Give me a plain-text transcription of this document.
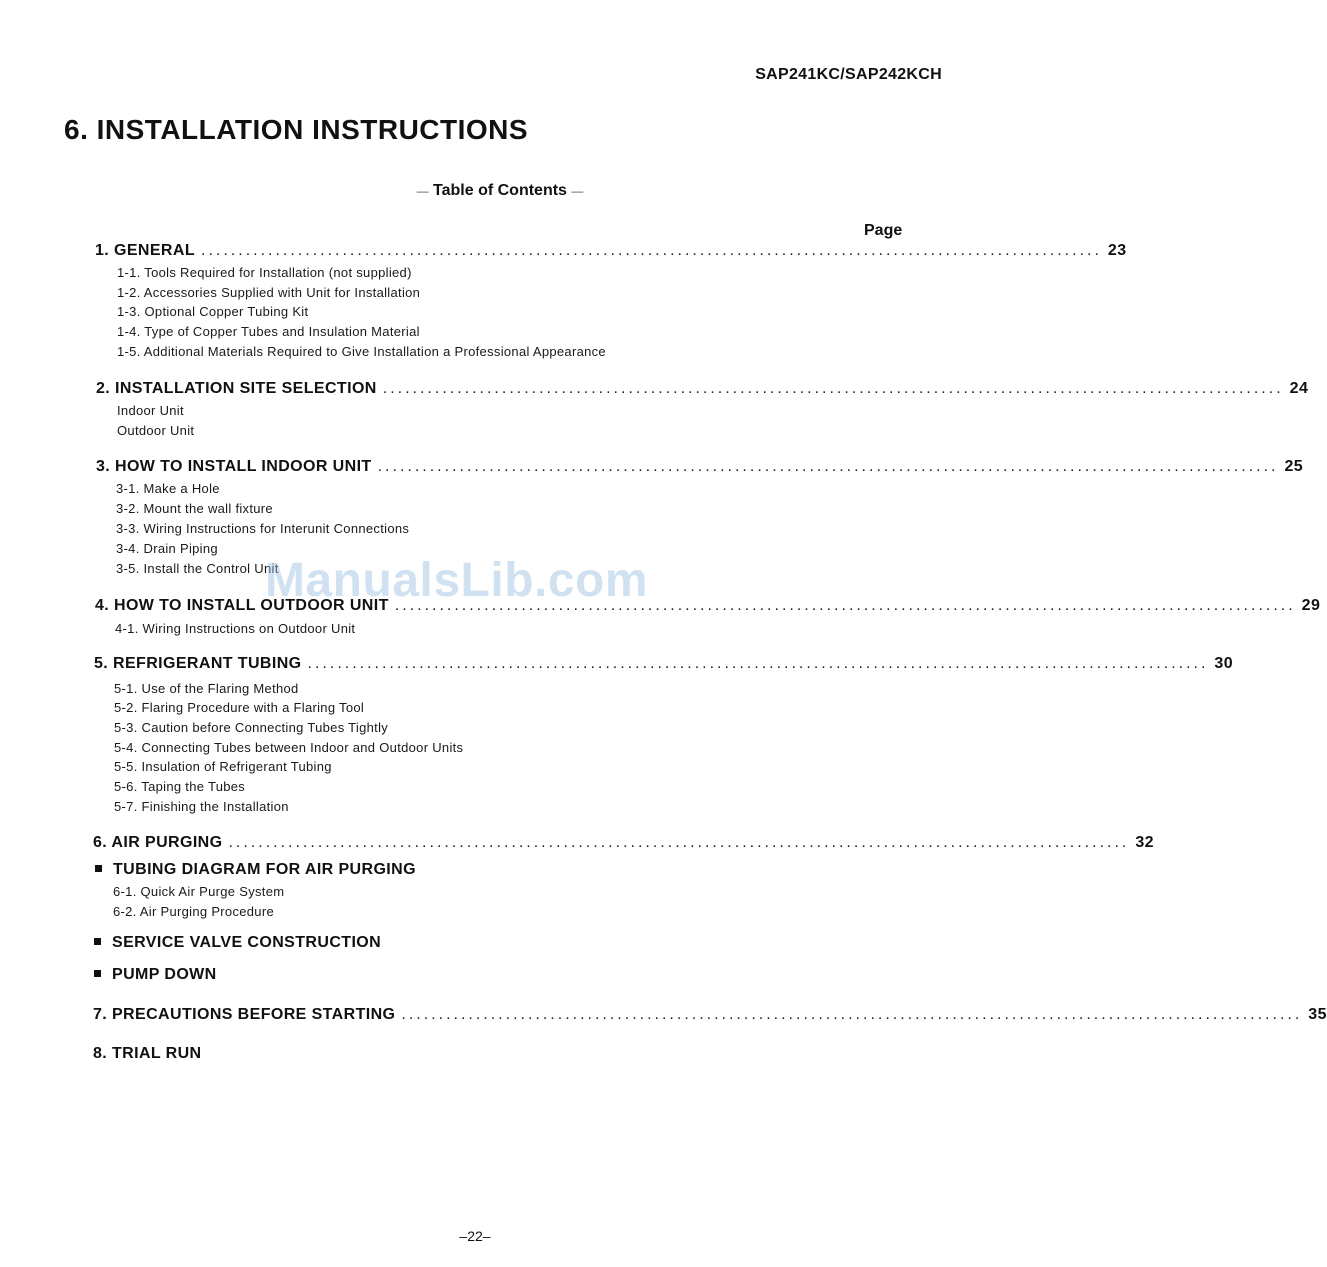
SAP241KC/SAP242KCH
6. INSTALLATION INSTRUCTIONS
— Table of Contents —
Page
1. GENERAL ......................................................................................................................... 23
1-1. Tools Required for Installation (not supplied)
1-2. Accessories Supplied with Unit for Installation
1-3. Optional Copper Tubing Kit
1-4. Type of Copper Tubes and Insulation Material
1-5. Additional Materials Required to Give Installation a Professional Appearance
2. INSTALLATION SITE SELECTION ......................................................................................................................... 24
Indoor Unit
Outdoor Unit
3. HOW TO INSTALL INDOOR UNIT ......................................................................................................................... 25
3-1. Make a Hole
3-2. Mount the wall fixture
3-3. Wiring Instructions for Interunit Connections
3-4. Drain Piping
3-5. Install the Control Unit
4. HOW TO INSTALL OUTDOOR UNIT ......................................................................................................................... 29
4-1. Wiring Instructions on Outdoor Unit
5. REFRIGERANT TUBING ......................................................................................................................... 30
5-1. Use of the Flaring Method
5-2. Flaring Procedure with a Flaring Tool
5-3. Caution before Connecting Tubes Tightly
5-4. Connecting Tubes between Indoor and Outdoor Units
5-5. Insulation of Refrigerant Tubing
5-6. Taping the Tubes
5-7. Finishing the Installation
6. AIR PURGING ......................................................................................................................... 32
TUBING DIAGRAM FOR AIR PURGING
6-1. Quick Air Purge System
6-2. Air Purging Procedure
SERVICE VALVE CONSTRUCTION
PUMP DOWN
7. PRECAUTIONS BEFORE STARTING ......................................................................................................................... 35
8. TRIAL RUN
ManualsLib.com
–22–
